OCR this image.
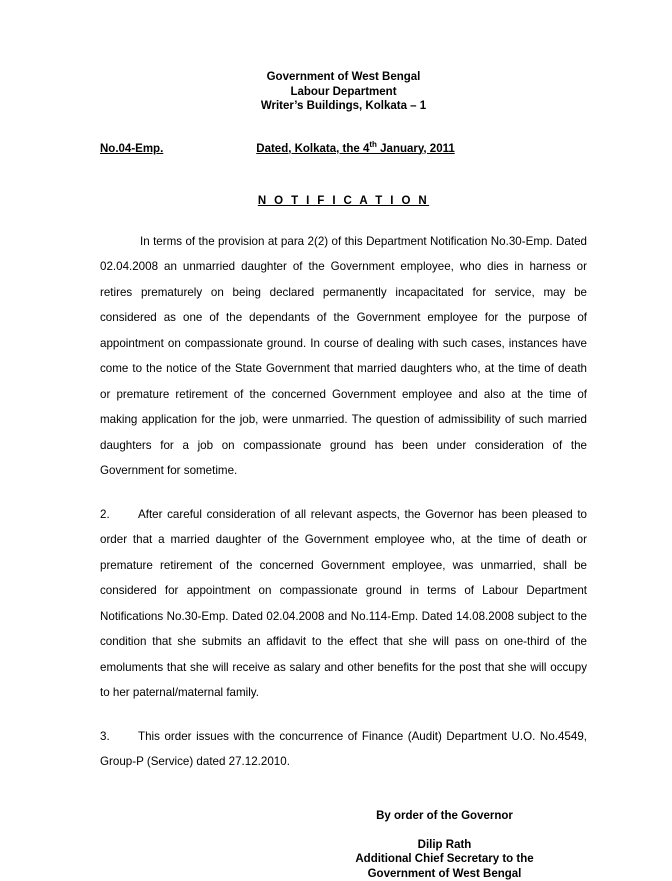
Government of West Bengal
Labour Department
Writer’s Buildings, Kolkata – 1
No.04-Emp.	Dated, Kolkata, the 4th January, 2011
N O T I F I C A T I O N

In terms of the provision at para 2(2) of this Department Notification No.30-Emp. Dated 02.04.2008 an unmarried daughter of the Government employee, who dies in harness or retires prematurely on being declared permanently incapacitated for service, may be considered as one of the dependants of the Government employee for the purpose of appointment on compassionate ground. In course of dealing with such cases, instances have come to the notice of the State Government that married daughters who, at the time of death or premature retirement of the concerned Government employee and also at the time of making application for the job, were unmarried. The question of admissibility of such married daughters for a job on compassionate ground has been under consideration of the Government for sometime.

2. After careful consideration of all relevant aspects, the Governor has been pleased to order that a married daughter of the Government employee who, at the time of death or premature retirement of the concerned Government employee, was unmarried, shall be considered for appointment on compassionate ground in terms of Labour Department Notifications No.30-Emp. Dated 02.04.2008 and No.114-Emp. Dated 14.08.2008 subject to the condition that she submits an affidavit to the effect that she will pass on one-third of the emoluments that she will receive as salary and other benefits for the post that she will occupy to her paternal/maternal family.

3. This order issues with the concurrence of Finance (Audit) Department U.O. No.4549, Group-P (Service) dated 27.12.2010.

By order of the Governor
Dilip Rath
Additional Chief Secretary to the
Government of West Bengal
